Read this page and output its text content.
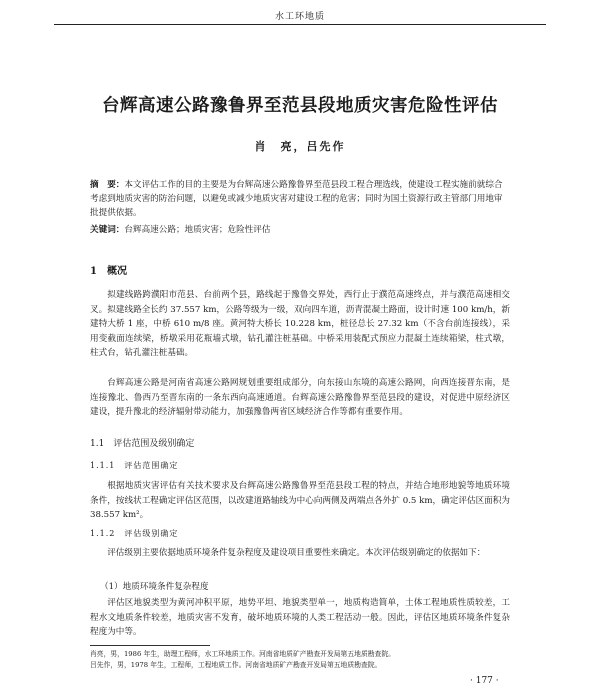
水工环地质
台辉高速公路豫鲁界至范县段地质灾害危险性评估
肖　亮，吕先作
摘　要：本文评估工作的目的主要是为台辉高速公路豫鲁界至范县段工程合理选线，使建设工程实施前就综合考虑到地质灾害的防治问题，以避免或减少地质灾害对建设工程的危害；同时为国土资源行政主管部门用地审批提供依据。
关键词：台辉高速公路；地质灾害；危险性评估
1　概况

拟建线路跨濮阳市范县、台前两个县，路线起于豫鲁交界处，西行止于濮范高速终点，并与濮范高速相交叉。拟建线路全长约 37.557 km，公路等级为一级，双向四车道，沥青混凝土路面，设计时速 100 km/h，新建特大桥 1 座，中桥 610 m/8 座。黄河特大桥长 10.228 km，桩径总长 27.32 km（不含台前连接线），采用变截面连续梁，桥墩采用花瓶墙式墩，钻孔灌注桩基础。中桥采用装配式预应力混凝土连续箱梁，柱式墩，柱式台，钻孔灌注桩基础。

台辉高速公路是河南省高速公路网规划重要组成部分，向东接山东境的高速公路网，向西连接晋东南，是连接豫北、鲁西乃至晋东南的一条东西向高速通道。台辉高速公路豫鲁界至范县段的建设，对促进中原经济区建设，提升豫北的经济辐射带动能力，加强豫鲁两省区域经济合作等都有重要作用。

1.1　评估范围及级别确定
1.1.1　评估范围确定

根据地质灾害评估有关技术要求及台辉高速公路豫鲁界至范县段工程的特点，并结合地形地貌等地质环境条件，按线状工程确定评估区范围，以改建道路轴线为中心向两侧及两端点各外扩 0.5 km，确定评估区面积为 38.557 km²。

1.1.2　评估级别确定

评估级别主要依据地质环境条件复杂程度及建设项目重要性来确定。本次评估级别确定的依据如下：

（1）地质环境条件复杂程度

评估区地貌类型为黄河冲积平原，地势平坦、地貌类型单一，地质构造简单，土体工程地质性质较差，工程水文地质条件较差，地质灾害不发育，破坏地质环境的人类工程活动一般。因此，评估区地质环境条件复杂程度为中等。

肖亮，男，1986 年生，助理工程师，水工环地质工作。河南省地质矿产勘查开发局第五地质勘查院。
吕先作，男，1978 年生，工程师，工程地质工作。河南省地质矿产勘查开发局第五地质勘查院。
· 177 ·
